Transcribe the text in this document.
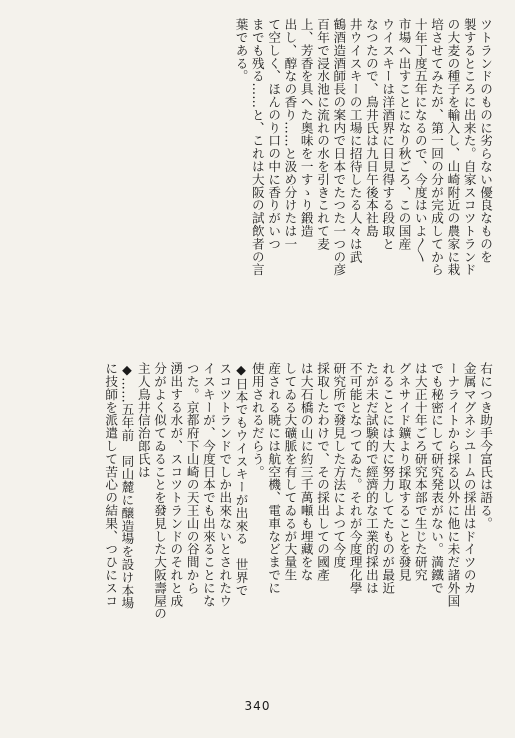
ツトランドのものに劣らない優良なものを
製するところに出来た。自家スコツトランド
の大麦の種子を輸入し、山崎附近の農家に栽
培させてみたが、第一回の分が完成してから
十年丁度五年になるので、今度はいよ〳〵
市場へ出すことになり秋ごろ、この国産
ウイスキーは洋酒界に日見得する段取と
なつたので、鳥井氏は九日午後本社島
井ウイスキーの工場に招待したる人々は武
鶴酒造酒師長の案内で日本でたつた一つの彦
百年で浸水池に流れの水を引きこれて麦
上、芳香を具へた奥味を一すゝり鍛造
出し、醇なの香り……と汲め分けたは一
て空しく、ほんのり口の中に香りがいつ
までも残る……と、これは大阪の試飲者の言
葉である。
右につき助手今富氏は語る。
金属マグネシユームの採出はドイツのカ
ーナライトから採る以外に他に未だ諸外国
でも秘密にして研究発表がない。満鐵で
は大正十年ごろ研究本部で生じた研究
グネサイド鑛より採取することを發見
れることには大に努力してたものが最近
たが未だ試験的で經濟的な工業的採出は
不可能となつてゐた。それが今度理化學
研究所で發見した方法によつて今度
採取したわけで、その採出しての國產
は大石橋の山に約三千萬噸も埋藏をな
してゐる大礦脈を有してゐるが大量生
産される暁には航空機、電車などまでに
使用されるだらう。
◆日本でもウイスキーが出來る　世界で
スコツトランドでしか出來ないとされたウ
イスキーが、今度日本でも出來ることにな
つた。京都府下山崎の天王山の谷間から
湧出する水が、スコツトランドのそれと成
分がよく似てゐることを發見した大阪壽屋の
主人鳥井信治郎氏は
◆……五年前　同山麓に醸造場を設け本場
に技師を派遣して苦心の結果、つひにスコ
340
